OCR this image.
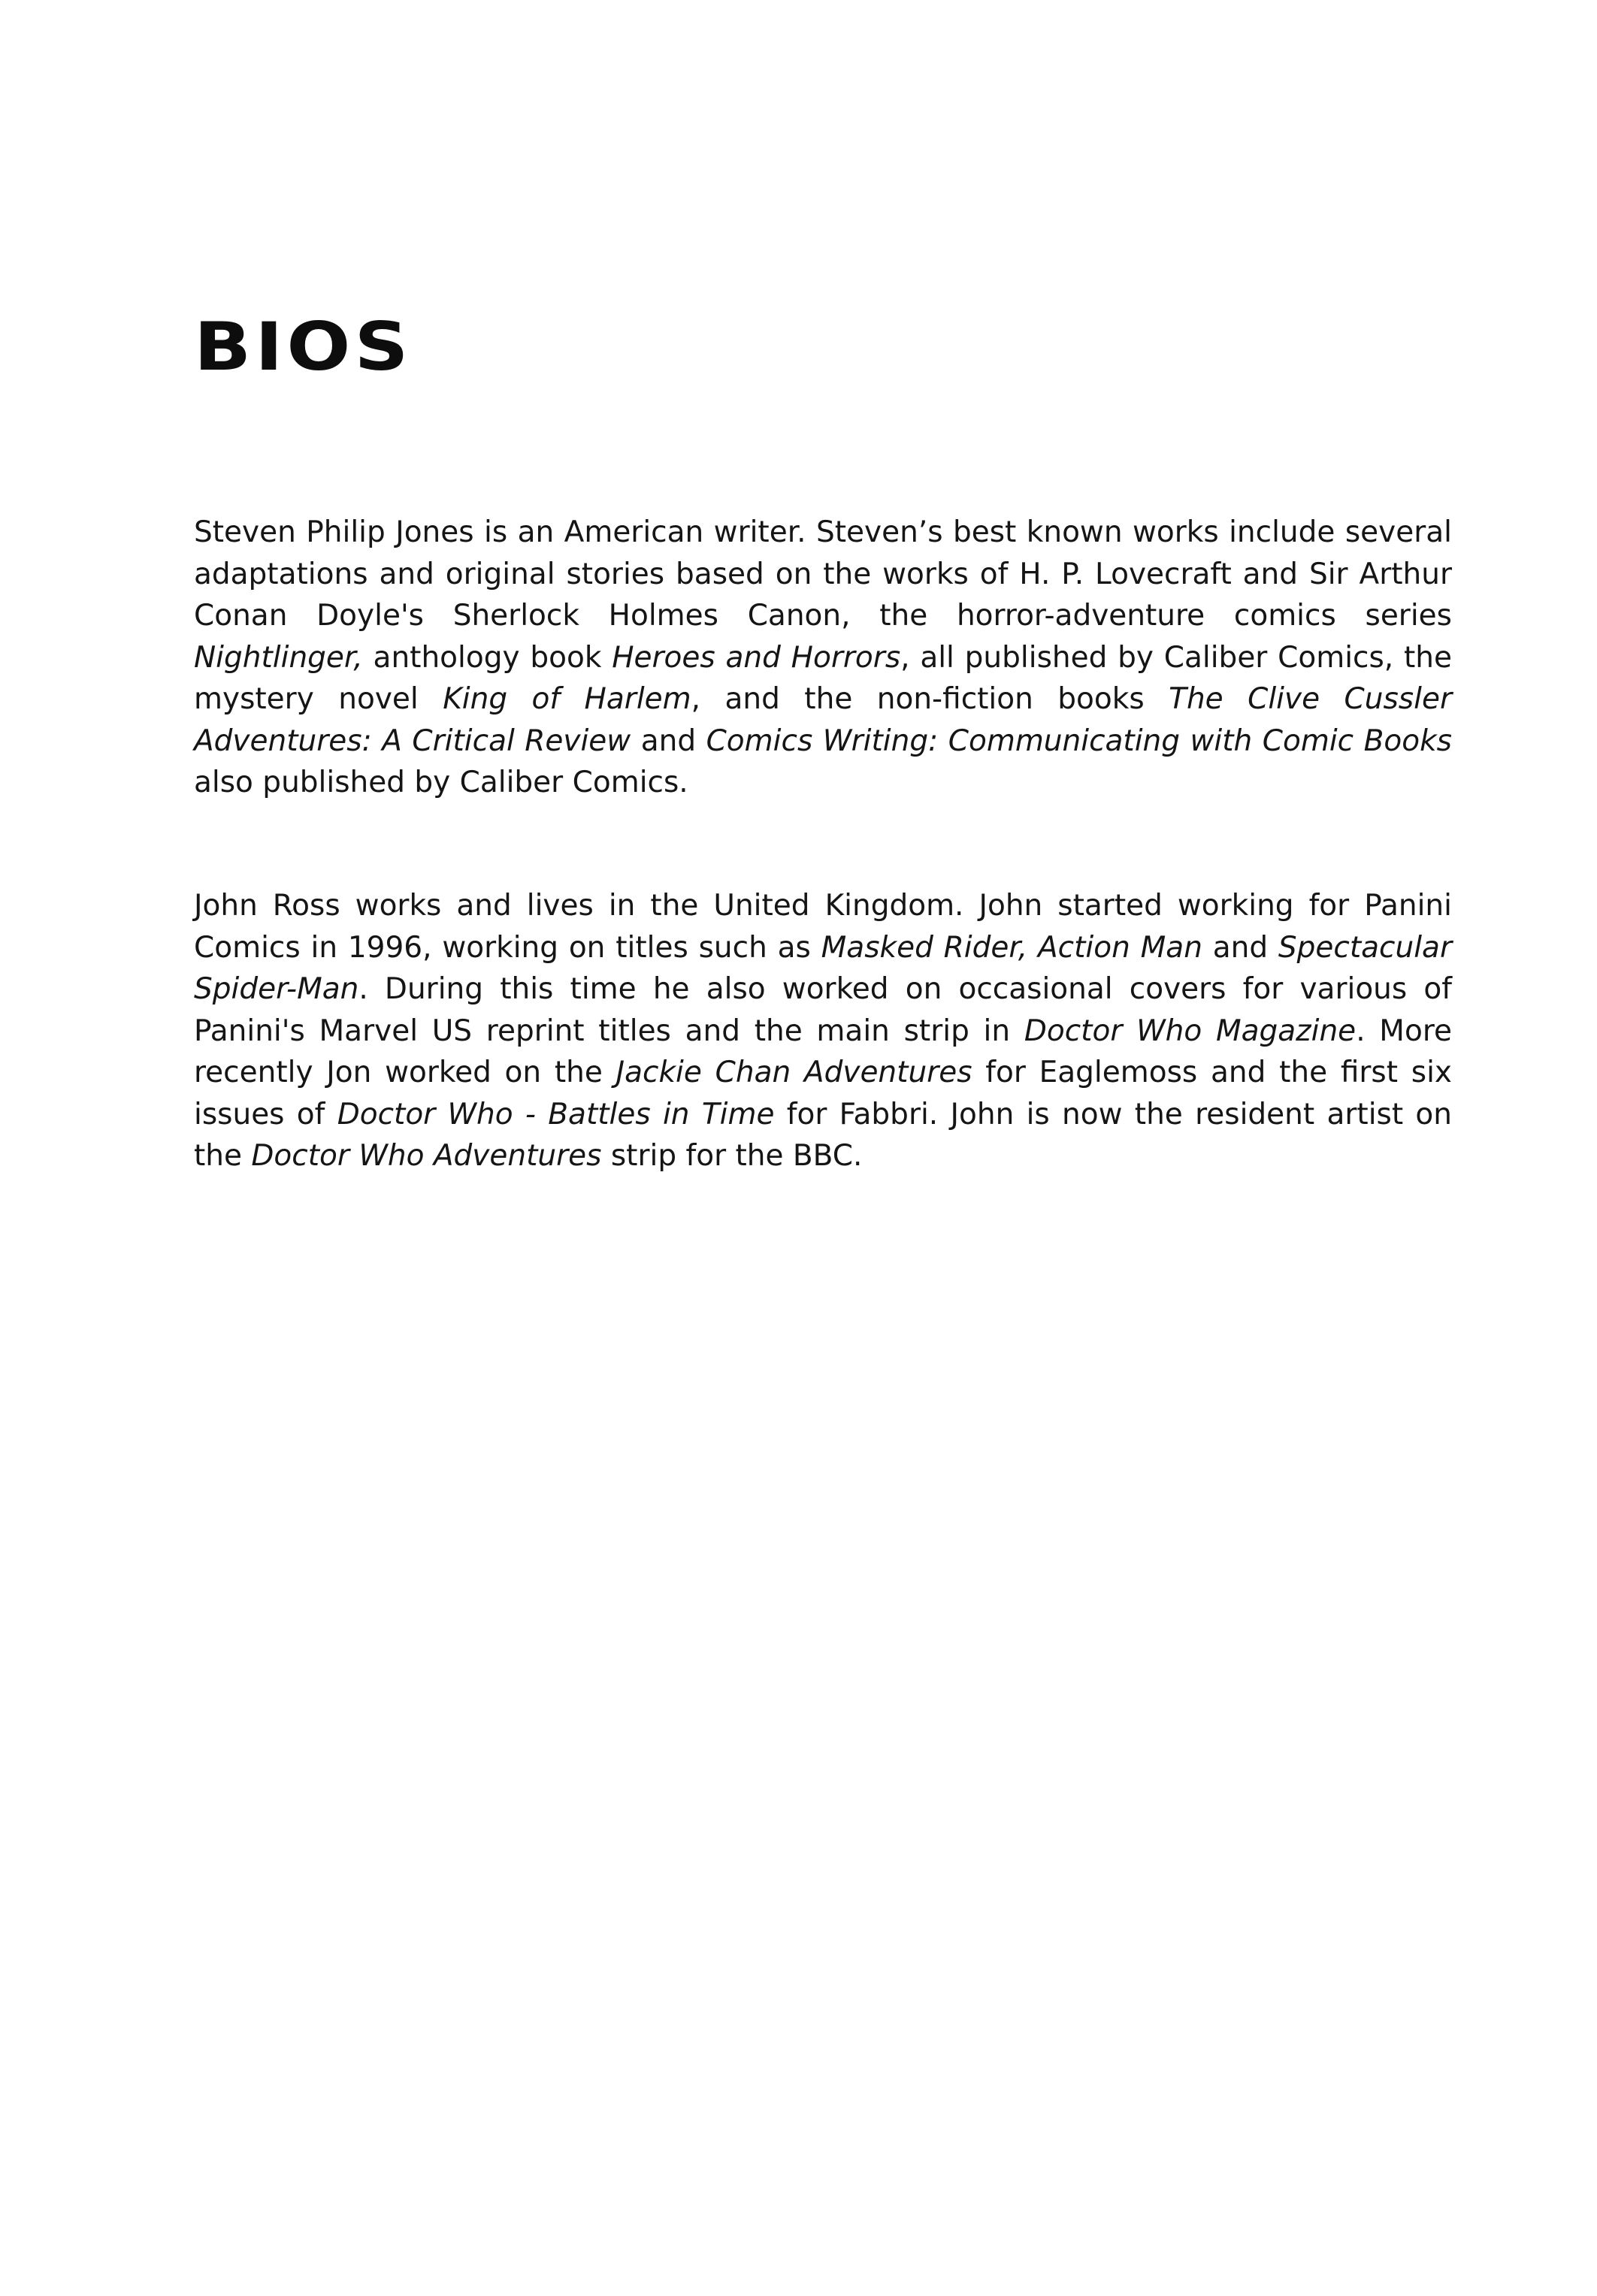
BIOS

Steven Philip Jones is an American writer. Steven’s best known works include several adaptations and original stories based on the works of H. P. Lovecraft and Sir Arthur Conan Doyle's Sherlock Holmes Canon, the horror-adventure comics series Nightlinger, anthology book Heroes and Horrors, all published by Caliber Comics, the mystery novel King of Harlem, and the non-fiction books The Clive Cussler Adventures: A Critical Review and Comics Writing: Communicating with Comic Books also published by Caliber Comics.

John Ross works and lives in the United Kingdom. John started working for Panini Comics in 1996, working on titles such as Masked Rider, Action Man and Spectacular Spider-Man. During this time he also worked on occasional covers for various of Panini's Marvel US reprint titles and the main strip in Doctor Who Magazine. More recently Jon worked on the Jackie Chan Adventures for Eaglemoss and the first six issues of Doctor Who - Battles in Time for Fabbri. John is now the resident artist on the Doctor Who Adventures strip for the BBC.
